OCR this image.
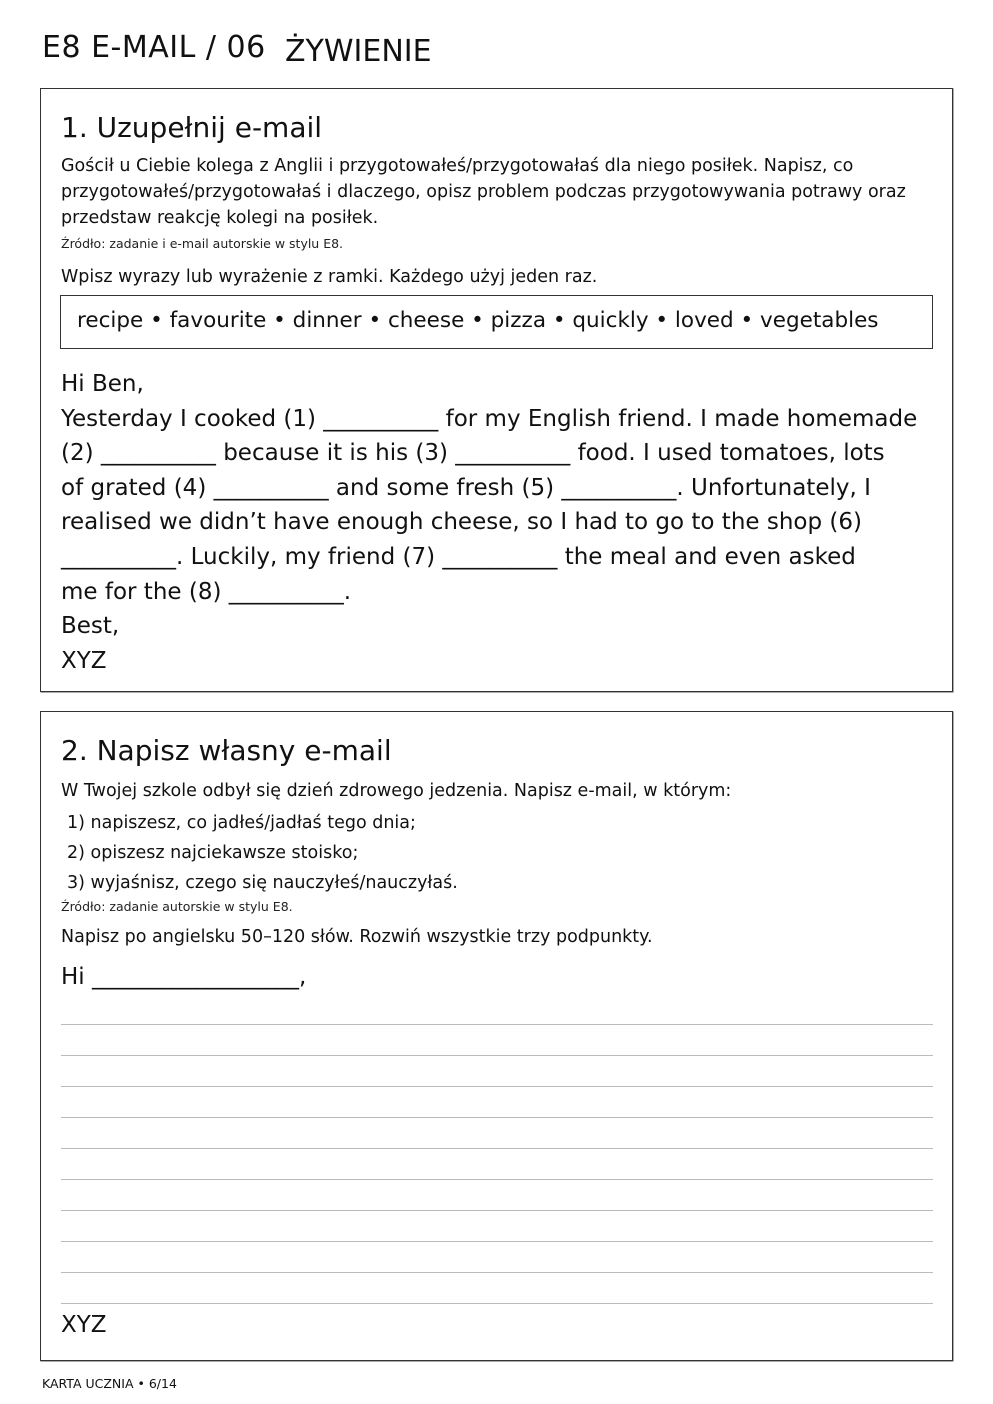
E8 E-MAIL / 06 ŻYWIENIE
1. Uzupełnij e-mail
Gościł u Ciebie kolega z Anglii i przygotowałeś/przygotowałaś dla niego posiłek. Napisz, co
przygotowałeś/przygotowałaś i dlaczego, opisz problem podczas przygotowywania potrawy oraz
przedstaw reakcję kolegi na posiłek.
Źródło: zadanie i e-mail autorskie w stylu E8.
Wpisz wyrazy lub wyrażenie z ramki. Każdego użyj jeden raz.
recipe • favourite • dinner • cheese • pizza • quickly • loved • vegetables
Hi Ben,
Yesterday I cooked (1) __________ for my English friend. I made homemade
(2) __________ because it is his (3) __________ food. I used tomatoes, lots
of grated (4) __________ and some fresh (5) __________. Unfortunately, I
realised we didn’t have enough cheese, so I had to go to the shop (6)
__________. Luckily, my friend (7) __________ the meal and even asked
me for the (8) __________.
Best,
XYZ
2. Napisz własny e-mail
W Twojej szkole odbył się dzień zdrowego jedzenia. Napisz e-mail, w którym:
1) napiszesz, co jadłeś/jadłaś tego dnia;
2) opiszesz najciekawsze stoisko;
3) wyjaśnisz, czego się nauczyłeś/nauczyłaś.
Źródło: zadanie autorskie w stylu E8.
Napisz po angielsku 50–120 słów. Rozwiń wszystkie trzy podpunkty.
Hi __________________,
XYZ
KARTA UCZNIA • 6/14
